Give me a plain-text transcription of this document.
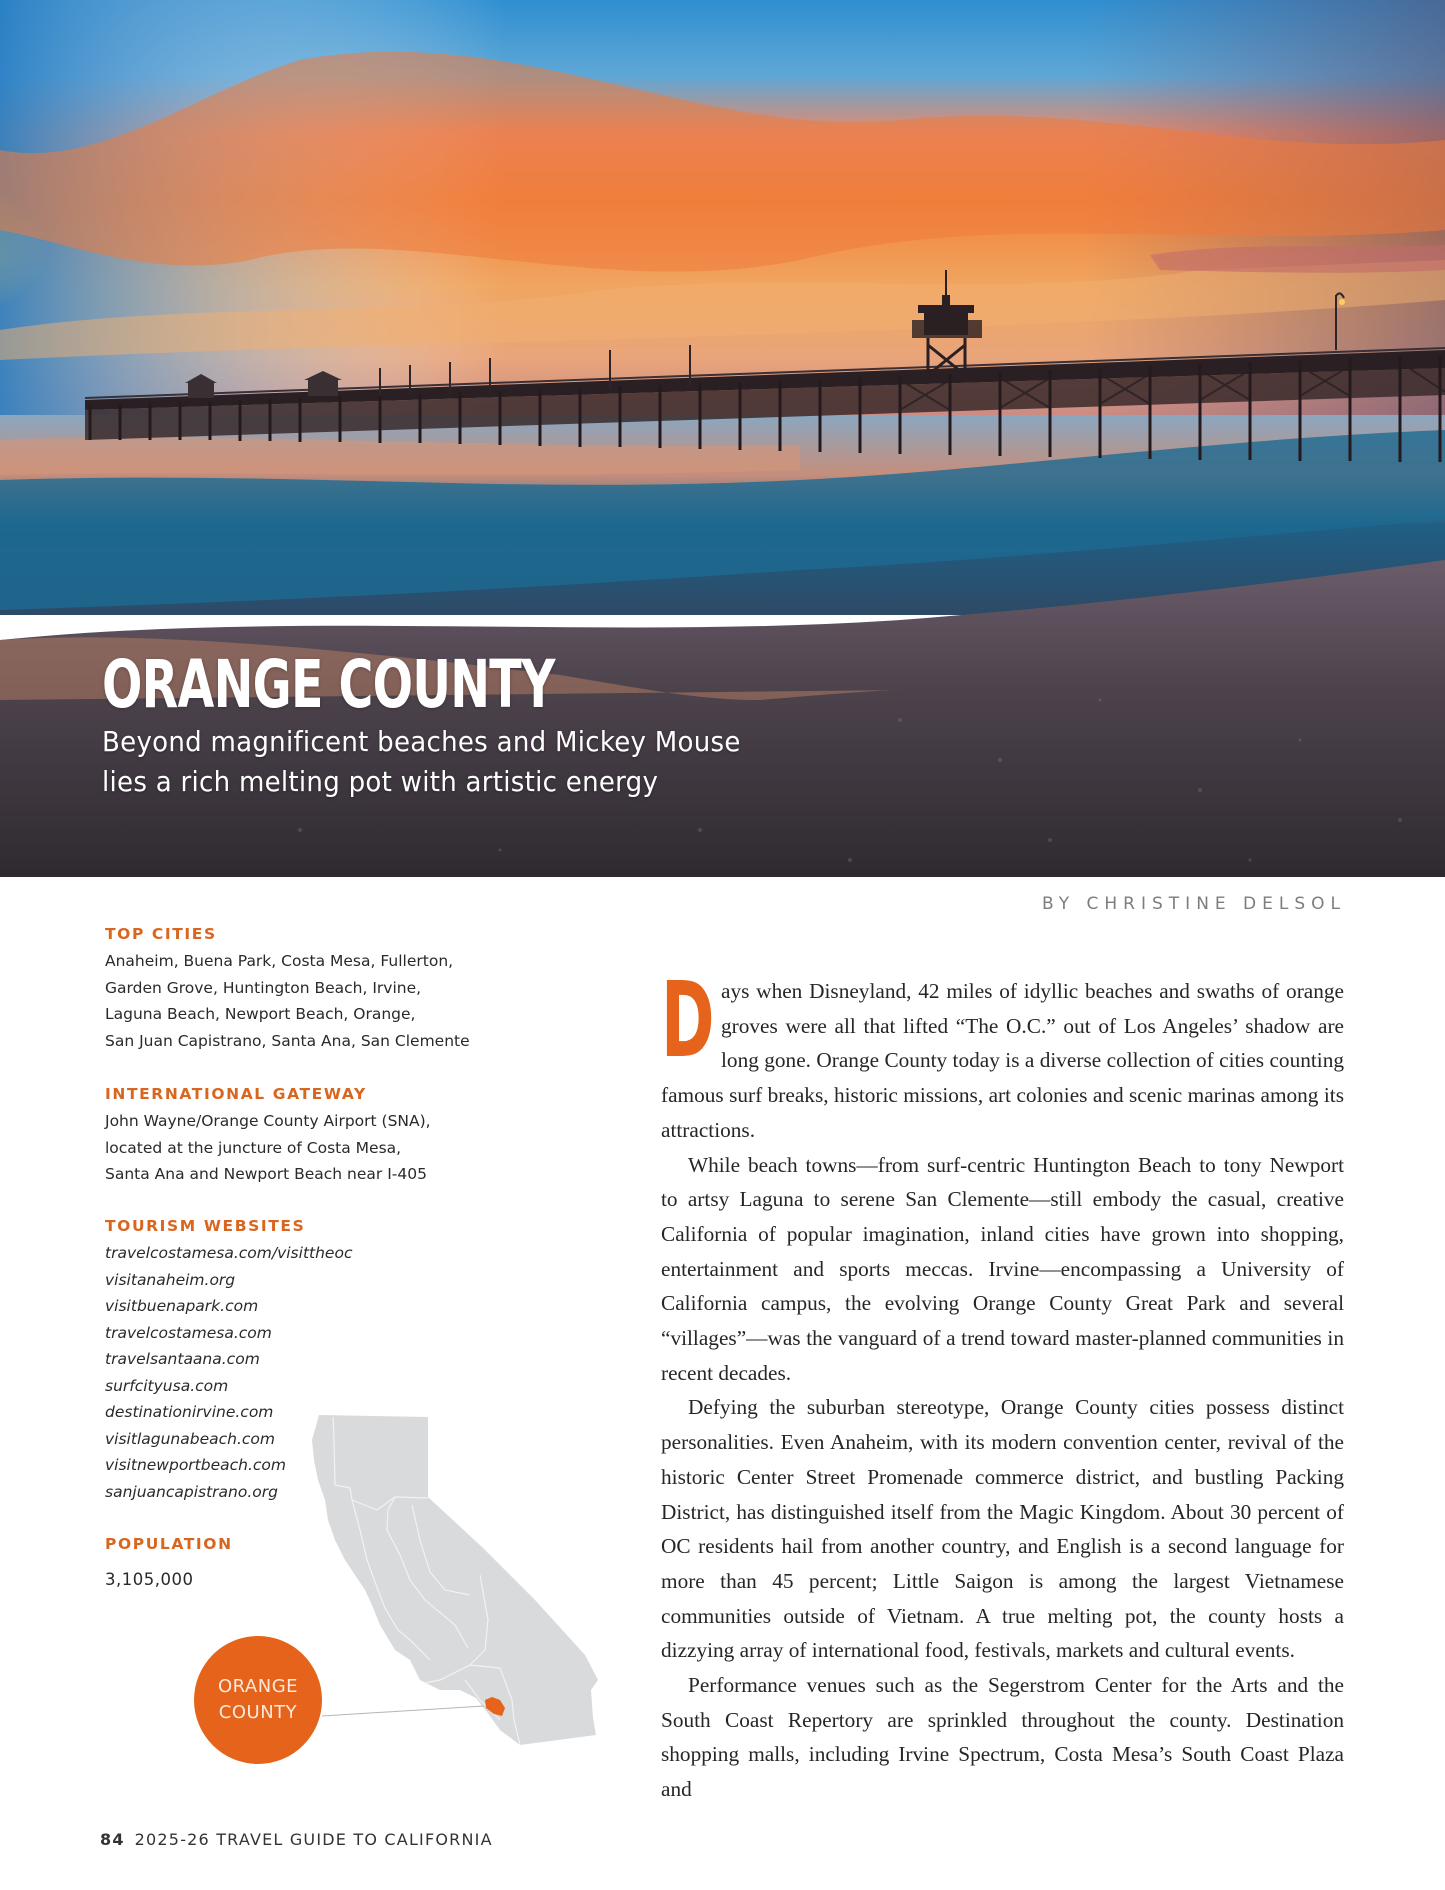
ORANGE COUNTY
Beyond magnificent beaches and Mickey Mouse
lies a rich melting pot with artistic energy
BY CHRISTINE DELSOL
TOP CITIES
Anaheim, Buena Park, Costa Mesa, Fullerton,
Garden Grove, Huntington Beach, Irvine,
Laguna Beach, Newport Beach, Orange,
San Juan Capistrano, Santa Ana, San Clemente
INTERNATIONAL GATEWAY
John Wayne/Orange County Airport (SNA),
located at the juncture of Costa Mesa,
Santa Ana and Newport Beach near I-405
TOURISM WEBSITES
travelcostamesa.com/visittheoc
visitanaheim.org
visitbuenapark.com
travelcostamesa.com
travelsantaana.com
surfcityusa.com
destinationirvine.com
visitlagunabeach.com
visitnewportbeach.com
sanjuancapistrano.org
POPULATION
3,105,000
ORANGE
COUNTY

Days when Disneyland, 42 miles of idyllic beaches and swaths of orange groves were all that lifted “The O.C.” out of Los Angeles’ shadow are long gone. Orange County today is a diverse collection of cities counting famous surf breaks, historic missions, art colonies and scenic marinas among its attractions.

While beach towns—from surf-centric Huntington Beach to tony Newport to artsy Laguna to serene San Clemente—still embody the casual, creative California of popular imagination, inland cities have grown into shopping, entertainment and sports meccas. Irvine—encompassing a University of California campus, the evolving Orange County Great Park and several “villages”—was the vanguard of a trend toward master-planned communities in recent decades.

Defying the suburban stereotype, Orange County cities possess distinct personalities. Even Anaheim, with its modern convention center, revival of the historic Center Street Promenade commerce district, and bustling Packing District, has distinguished itself from the Magic Kingdom. About 30 percent of OC residents hail from another country, and English is a second language for more than 45 percent; Little Saigon is among the largest Vietnamese communities outside of Vietnam. A true melting pot, the county hosts a dizzying array of international food, festivals, markets and cultural events.

Performance venues such as the Segerstrom Center for the Arts and the South Coast Repertory are sprinkled throughout the county. Destination shopping malls, including Irvine Spectrum, Costa Mesa’s South Coast Plaza and

84 2025-26 TRAVEL GUIDE TO CALIFORNIA
